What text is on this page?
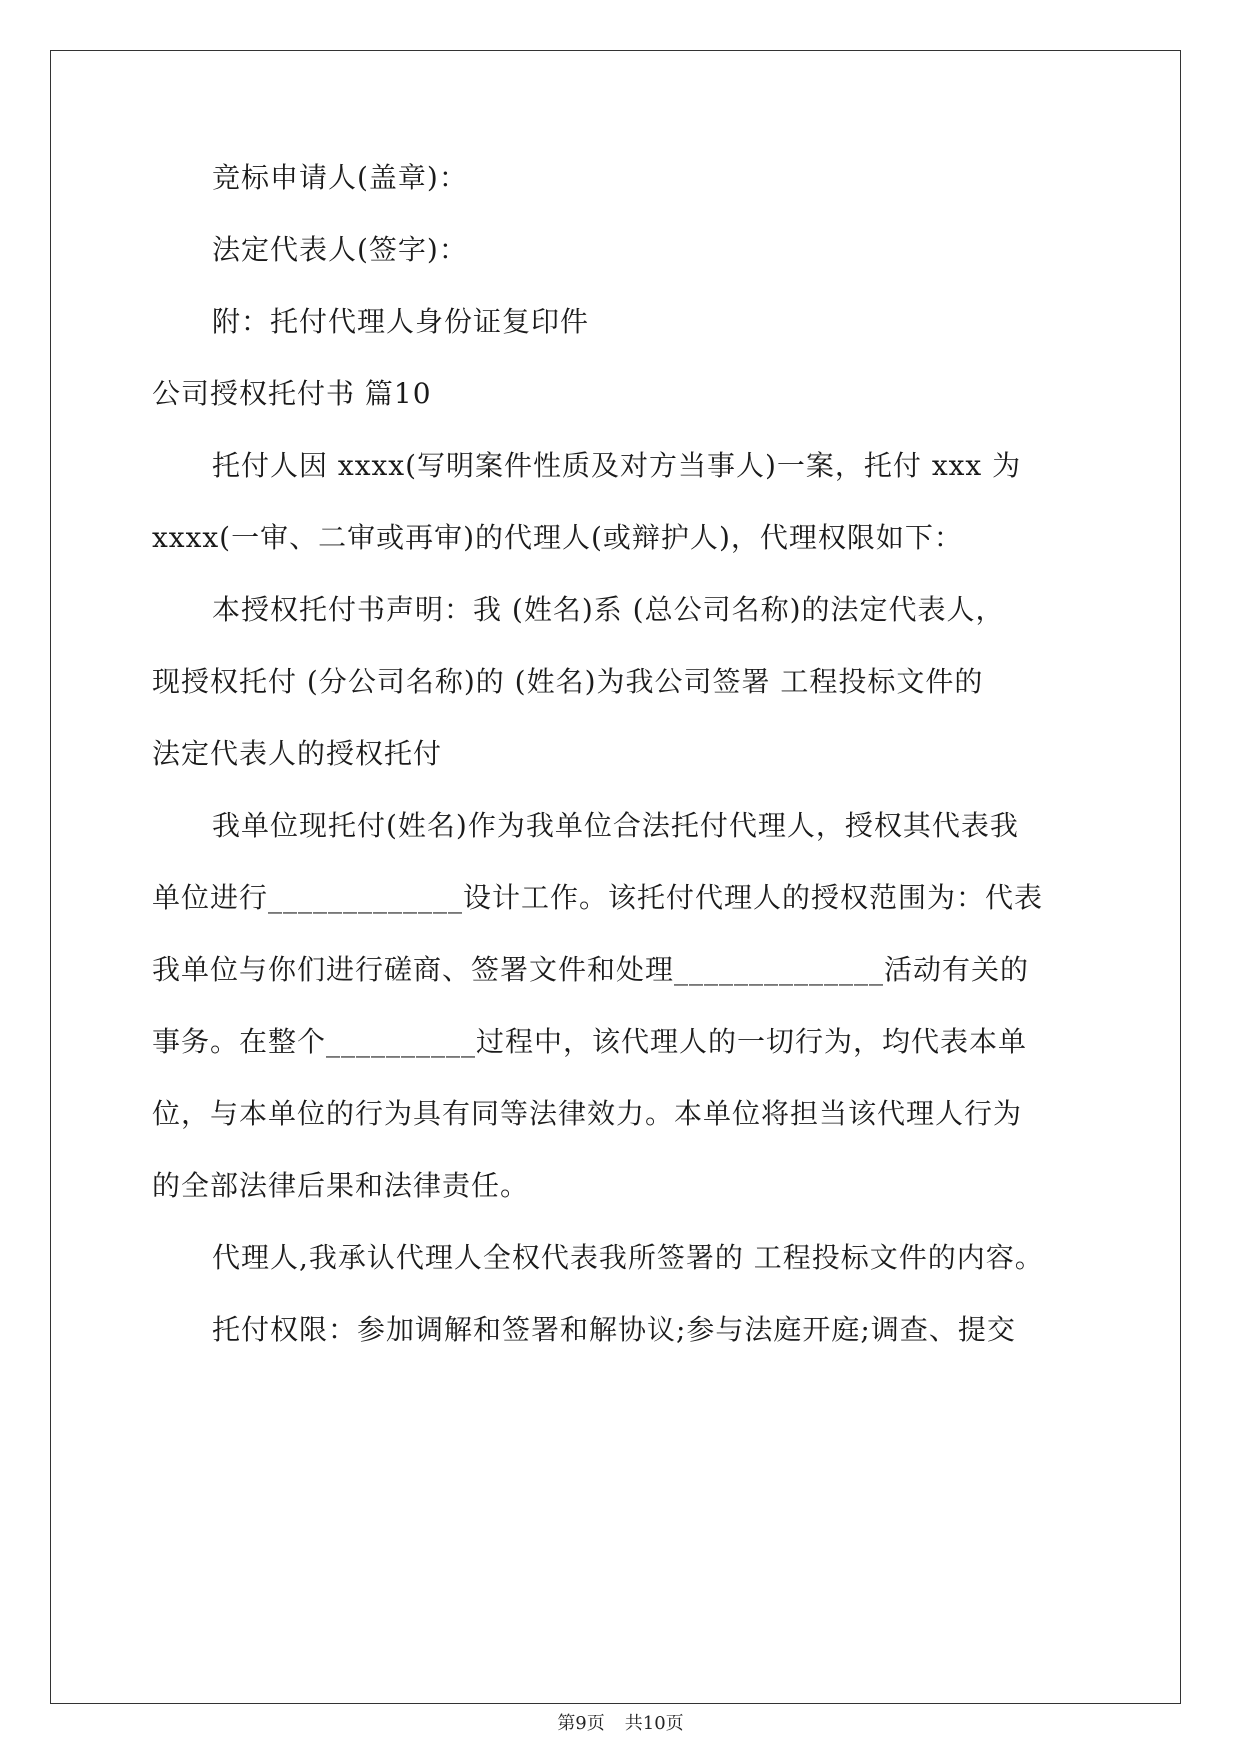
竞标申请人(盖章)：
法定代表人(签字)：
附：托付代理人身份证复印件
公司授权托付书 篇10
托付人因 xxxx(写明案件性质及对方当事人)一案，托付 xxx 为
xxxx(一审、二审或再审)的代理人(或辩护人)，代理权限如下：
本授权托付书声明：我 (姓名)系 (总公司名称)的法定代表人，
现授权托付 (分公司名称)的 (姓名)为我公司签署 工程投标文件的
法定代表人的授权托付
我单位现托付(姓名)作为我单位合法托付代理人，授权其代表我
单位进行_____________设计工作。该托付代理人的授权范围为：代表
我单位与你们进行磋商、签署文件和处理______________活动有关的
事务。在整个__________过程中，该代理人的一切行为，均代表本单
位，与本单位的行为具有同等法律效力。本单位将担当该代理人行为
的全部法律后果和法律责任。
代理人,我承认代理人全权代表我所签署的 工程投标文件的内容。
托付权限：参加调解和签署和解协议;参与法庭开庭;调查、提交
第9页 共10页
